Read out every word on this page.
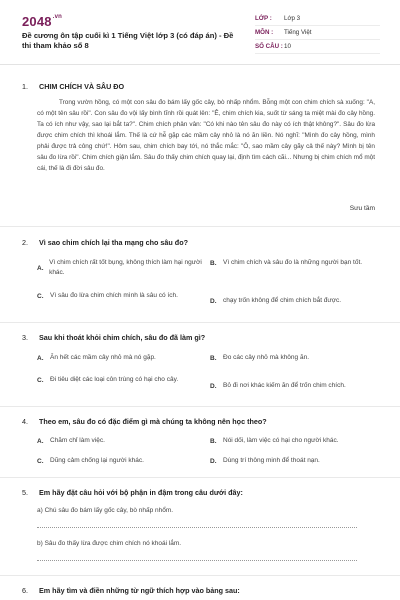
$2048^{.vn}$
Đề cương ôn tập cuối kì 1 Tiếng Việt lớp 3 (có đáp án) - Đề thi tham khảo số 8
LỚP :	Lớp 3
MÔN :	Tiếng Việt
SỐ CÂU : 10
1.	CHIM CHÍCH VÀ SÂU ĐO
Trong vườn hồng, có một con sâu đo bám lấy gốc cây, bò nhấp nhổm. Bỗng một con chim chích sà xuống: "A, có một tên sâu rồi". Con sâu đo vội lấy bình tĩnh rồi quát lên: "Ê, chim chích kia, suốt từ sáng ta miệt mài đo cây hồng. Ta có ích như vậy, sao lại bắt ta?". Chim chích phân vân: "Có khi nào tên sâu đo này có ích thật không?". Sâu đo lừa được chim chích thì khoái lắm. Thế là cứ hễ gặp các mầm cây nhỏ là nó ăn liền. Nó nghĩ: "Mình đo cây hồng, mình phải được trả công chứ!". Hôm sau, chim chích bay tới, nó thắc mắc: "Ô, sao mầm cây gãy cả thế này? Mình bị tên sâu đo lừa rồi". Chim chích giận lắm. Sâu đo thấy chim chích quay lại, định tìm cách cãi... Nhưng bị chim chích mổ một cái, thế là đi đời sâu đo.
Sưu tầm
2.	Vì sao chim chích lại tha mạng cho sâu đo?
A.
Vì chim chích rất tốt bụng, không thích làm hại người khác.
B.	Vì chim chích và sâu đo là những người bạn tốt.
C.	Vì sâu đo lừa chim chích mình là sâu có ích.
D.	chạy trốn không để chim chích bắt được.
3.	Sau khi thoát khỏi chim chích, sâu đo đã làm gì?
A.	Ăn hết các mầm cây nhỏ mà nó gặp.	B.	Đo các cây nhỏ mà không ăn.
C.	Đi tiêu diệt các loại côn trùng có hại cho cây.
D.	Bỏ đi nơi khác kiếm ăn để trốn chim chích.
4.	Theo em, sâu đo có đặc điểm gì mà chúng ta không nên học theo?
A.	Chăm chỉ làm việc.	B.	Nói dối, làm việc có hại cho người khác.
C.	Dũng cảm chống lại người khác.	D.	Dùng trí thông minh để thoát nạn.
5.	Em hãy đặt câu hỏi với bộ phận in đậm trong câu dưới đây:
a) Chú sâu đo bám lấy gốc cây, bò nhấp nhổm.
b) Sâu đo thấy lừa được chim chích nó khoái lắm.
6.	Em hãy tìm và điền những từ ngữ thích hợp vào bảng sau:
